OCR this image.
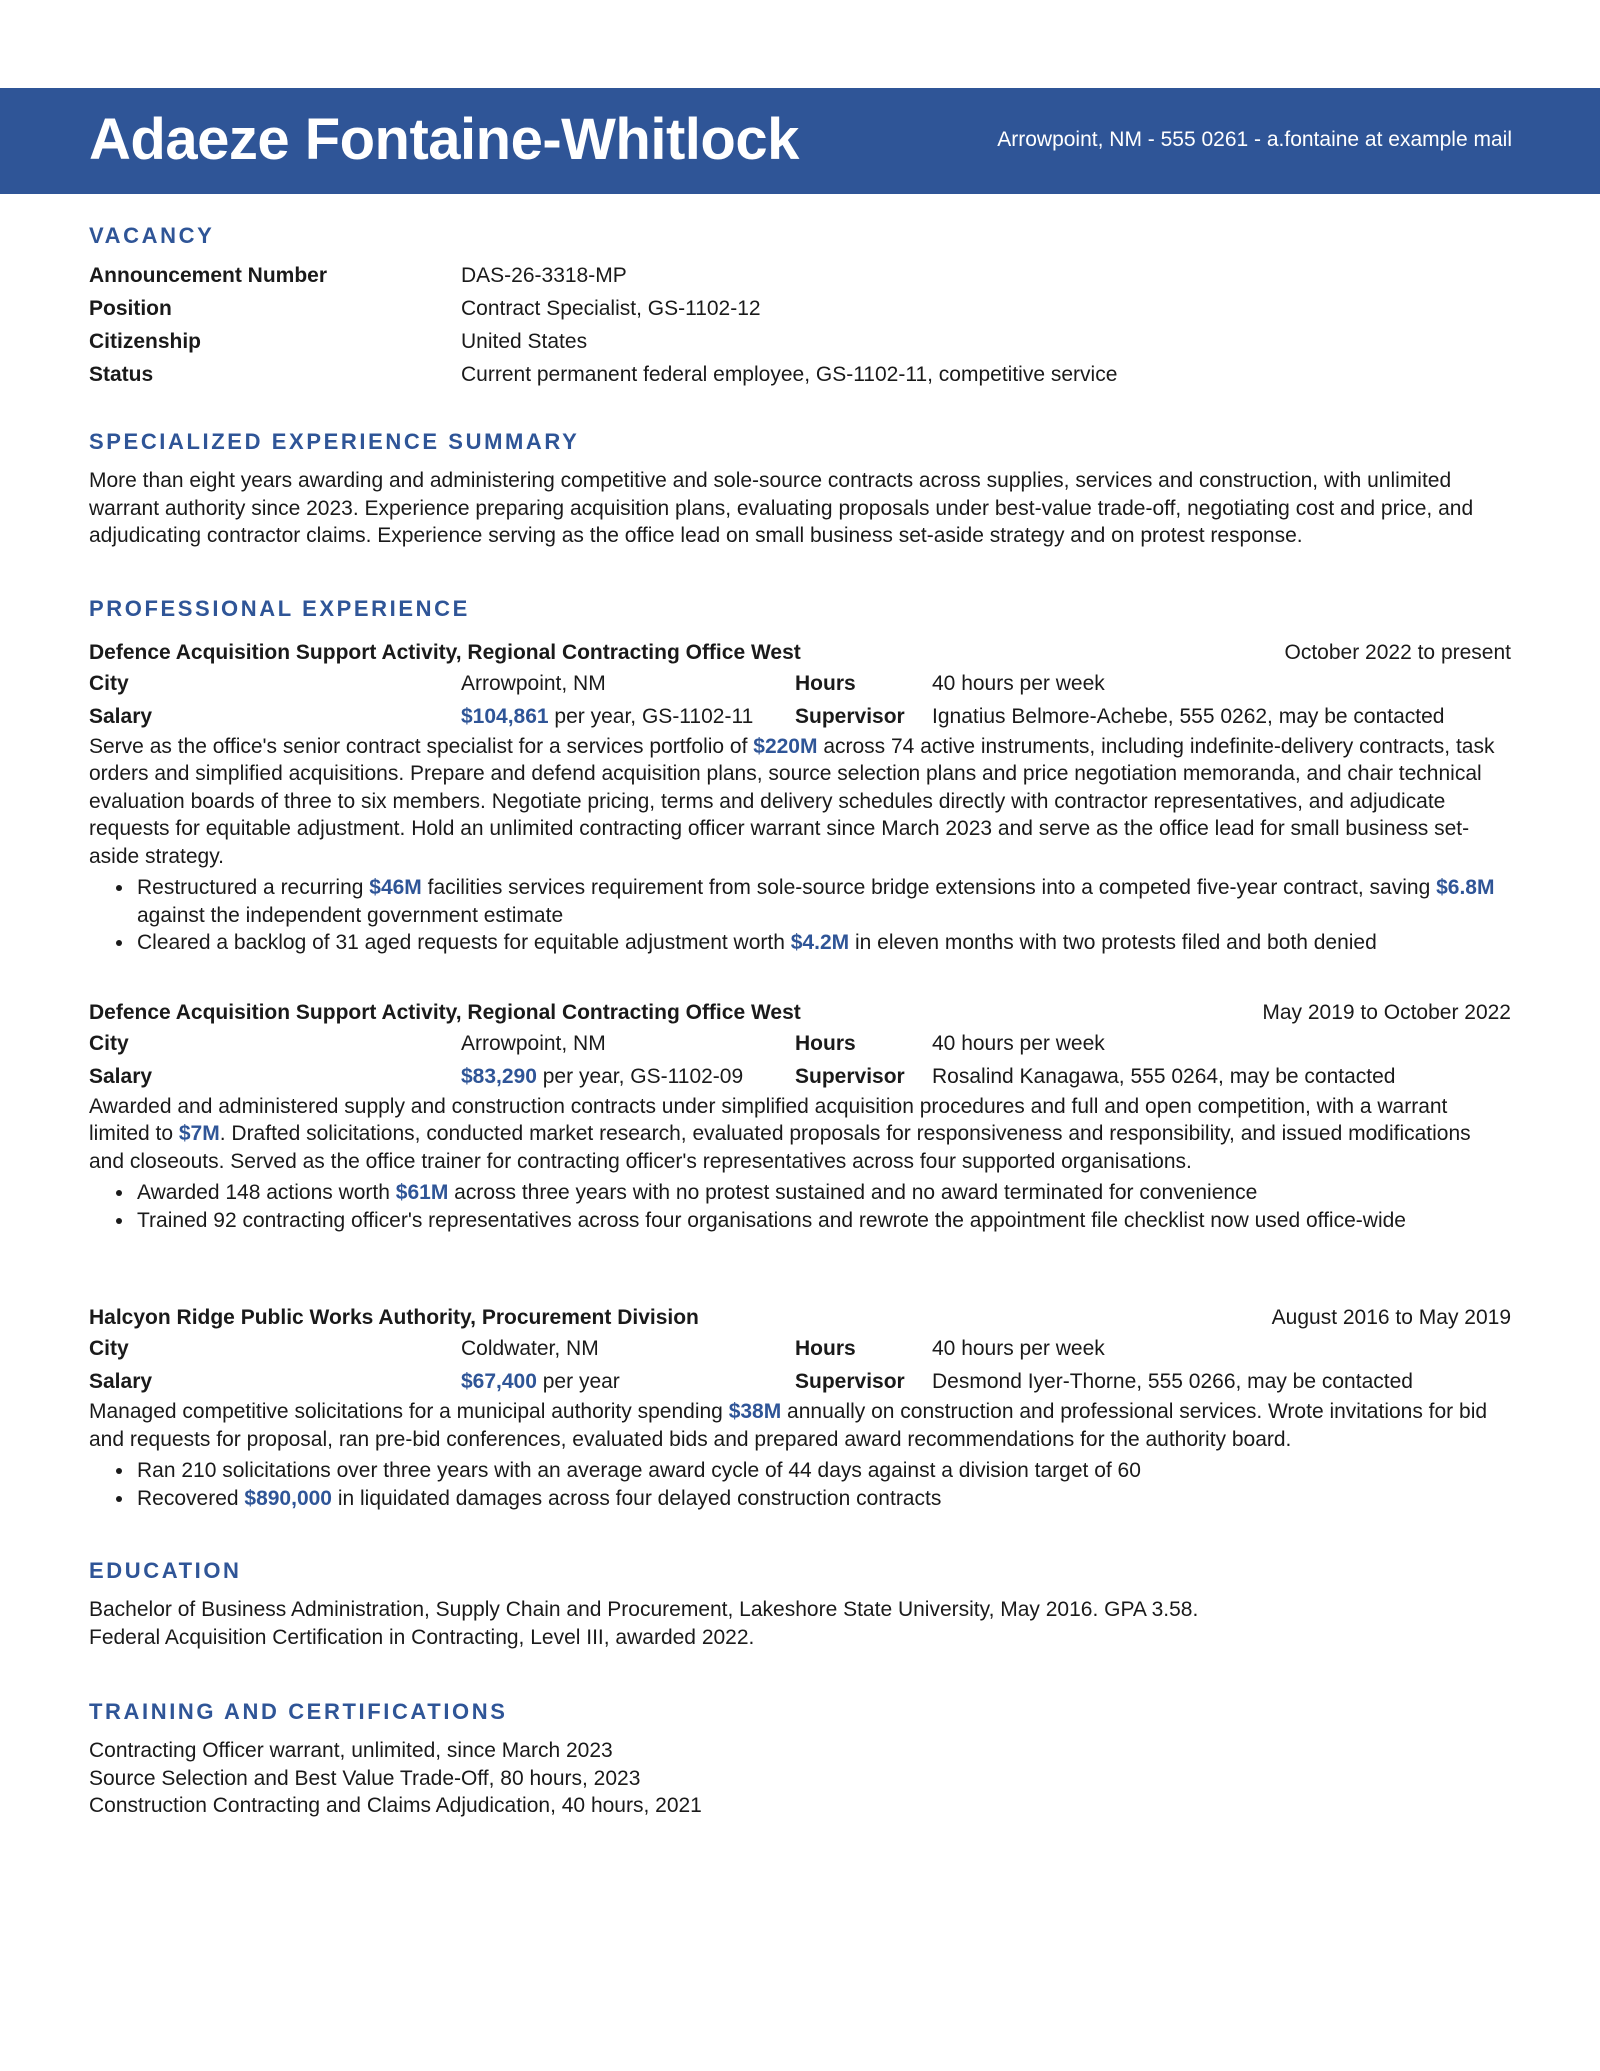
Adaeze Fontaine-Whitlock	Arrowpoint, NM - 555 0261 - a.fontaine at example mail
VACANCY
Announcement Number	DAS-26-3318-MP
Position	Contract Specialist, GS-1102-12
Citizenship	United States
Status	Current permanent federal employee, GS-1102-11, competitive service
SPECIALIZED EXPERIENCE SUMMARY

More than eight years awarding and administering competitive and sole-source contracts across supplies, services and construction, with unlimited warrant authority since 2023. Experience preparing acquisition plans, evaluating proposals under best-value trade-off, negotiating cost and price, and adjudicating contractor claims. Experience serving as the office lead on small business set-aside strategy and on protest response.

PROFESSIONAL EXPERIENCE
Defence Acquisition Support Activity, Regional Contracting Office West	October 2022 to present
City	Arrowpoint, NM	Hours	40 hours per week
Salary	$104,861 per year, GS-1102-11	Supervisor	Ignatius Belmore-Achebe, 555 0262, may be contacted

Serve as the office's senior contract specialist for a services portfolio of $220M across 74 active instruments, including indefinite-delivery contracts, task orders and simplified acquisitions. Prepare and defend acquisition plans, source selection plans and price negotiation memoranda, and chair technical evaluation boards of three to six members. Negotiate pricing, terms and delivery schedules directly with contractor representatives, and adjudicate requests for equitable adjustment. Hold an unlimited contracting officer warrant since March 2023 and serve as the office lead for small business set-aside strategy.

• Restructured a recurring $46M facilities services requirement from sole-source bridge extensions into a competed five-year contract, saving $6.8M against the independent government estimate
• Cleared a backlog of 31 aged requests for equitable adjustment worth $4.2M in eleven months with two protests filed and both denied
Defence Acquisition Support Activity, Regional Contracting Office West	May 2019 to October 2022
City	Arrowpoint, NM	Hours	40 hours per week
Salary	$83,290 per year, GS-1102-09	Supervisor	Rosalind Kanagawa, 555 0264, may be contacted

Awarded and administered supply and construction contracts under simplified acquisition procedures and full and open competition, with a warrant limited to $7M. Drafted solicitations, conducted market research, evaluated proposals for responsiveness and responsibility, and issued modifications and closeouts. Served as the office trainer for contracting officer's representatives across four supported organisations.

• Awarded 148 actions worth $61M across three years with no protest sustained and no award terminated for convenience
• Trained 92 contracting officer's representatives across four organisations and rewrote the appointment file checklist now used office-wide
Halcyon Ridge Public Works Authority, Procurement Division	August 2016 to May 2019
City	Coldwater, NM	Hours	40 hours per week
Salary	$67,400 per year	Supervisor	Desmond Iyer-Thorne, 555 0266, may be contacted

Managed competitive solicitations for a municipal authority spending $38M annually on construction and professional services. Wrote invitations for bid and requests for proposal, ran pre-bid conferences, evaluated bids and prepared award recommendations for the authority board.

• Ran 210 solicitations over three years with an average award cycle of 44 days against a division target of 60
• Recovered $890,000 in liquidated damages across four delayed construction contracts
EDUCATION
Bachelor of Business Administration, Supply Chain and Procurement, Lakeshore State University, May 2016. GPA 3.58.
Federal Acquisition Certification in Contracting, Level III, awarded 2022.
TRAINING AND CERTIFICATIONS
Contracting Officer warrant, unlimited, since March 2023
Source Selection and Best Value Trade-Off, 80 hours, 2023
Construction Contracting and Claims Adjudication, 40 hours, 2021
